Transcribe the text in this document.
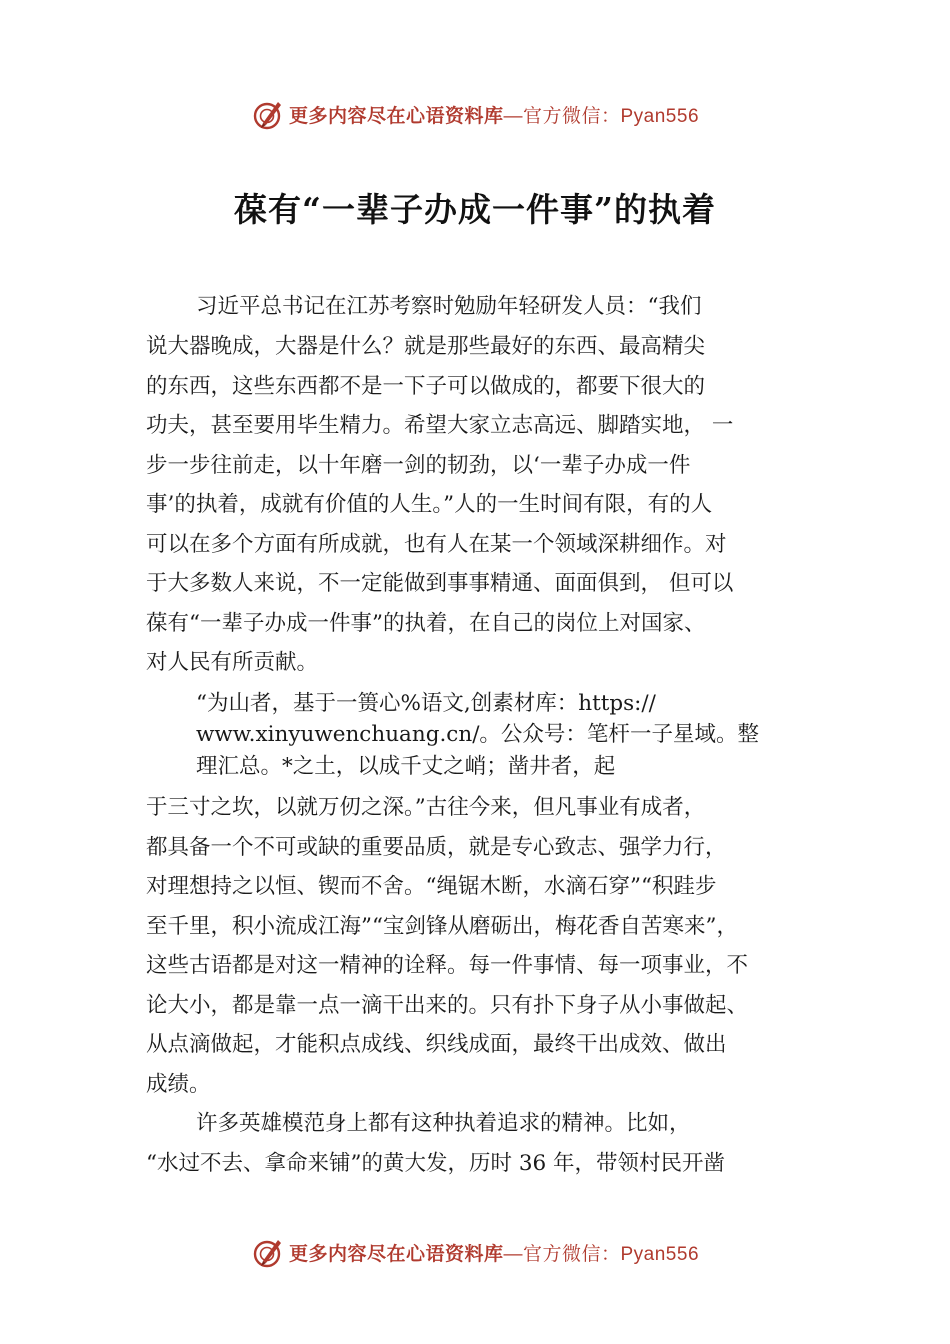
更多内容尽在心语资料库 —官方微信：Pyan556
葆有“一辈子办成一件事”的执着
习近平总书记在江苏考察时勉励年轻研发人员：“我们
说大器晚成，大器是什么？就是那些最好的东西、最高精尖
的东西，这些东西都不是一下子可以做成的，都要下很大的
功夫，甚至要用毕生精力。希望大家立志高远、脚踏实地， 一
步一步往前走，以十年磨一剑的韧劲，以‘一辈子办成一件
事’的执着，成就有价值的人生。”人的一生时间有限，有的人
可以在多个方面有所成就，也有人在某一个领域深耕细作。对
于大多数人来说，不一定能做到事事精通、面面俱到， 但可以
葆有“一辈子办成一件事”的执着，在自己的岗位上对国家、
对人民有所贡献。
“为山者，基于一篑心%语文,创素材库：https://
www.xinyuwenchuang.cn/。公众号：笔杆一子星域。整
理汇总。*之土，以成千丈之峭；凿井者，起
于三寸之坎，以就万仞之深。”古往今来，但凡事业有成者，
都具备一个不可或缺的重要品质，就是专心致志、强学力行，
对理想持之以恒、锲而不舍。“绳锯木断，水滴石穿”“积跬步
至千里，积小流成江海”“宝剑锋从磨砺出，梅花香自苦寒来”，
这些古语都是对这一精神的诠释。每一件事情、每一项事业，不
论大小，都是靠一点一滴干出来的。只有扑下身子从小事做起、
从点滴做起，才能积点成线、织线成面，最终干出成效、做出
成绩。
许多英雄模范身上都有这种执着追求的精神。比如，
“水过不去、拿命来铺”的黄大发，历时 36 年，带领村民开凿
更多内容尽在心语资料库 —官方微信：Pyan556
